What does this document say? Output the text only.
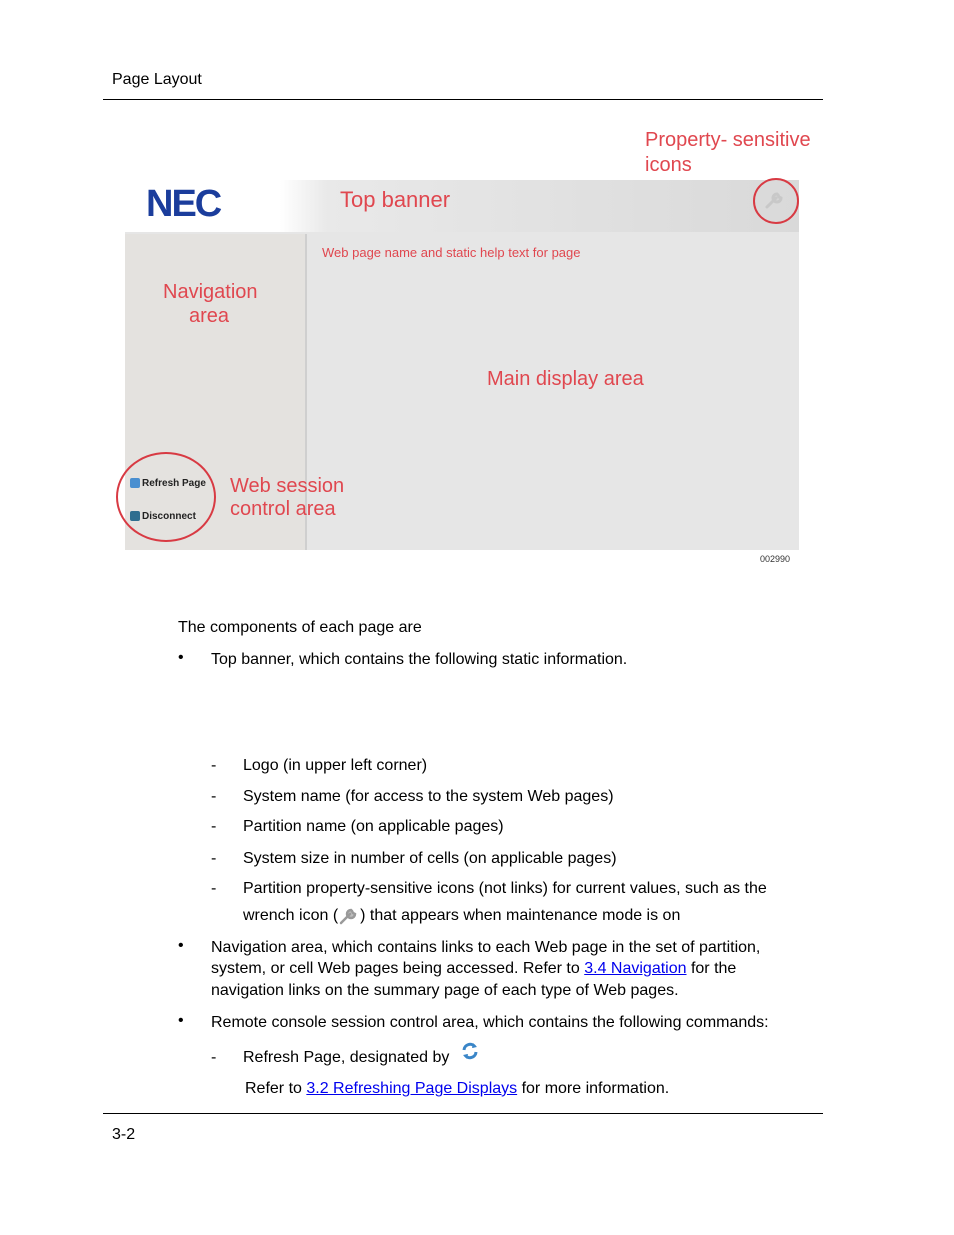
Page Layout
NEC	Top banner
Property- sensitive
icons
Navigation
area
Web page name and static help text for page
Main display area
Refresh Page
Disconnect
Web session
control area
002990
The components of each page are
• Top banner, which contains the following static information.
- Logo (in upper left corner)
- System name (for access to the system Web pages)
- Partition name (on applicable pages)
- System size in number of cells (on applicable pages)
- Partition property-sensitive icons (not links) for current values, such as the
wrench icon ( ) that appears when maintenance mode is on
• Navigation area, which contains links to each Web page in the set of partition,
system, or cell Web pages being accessed. Refer to 3.4 Navigation for the
navigation links on the summary page of each type of Web pages.
• Remote console session control area, which contains the following commands:
- Refresh Page, designated by
Refer to 3.2 Refreshing Page Displays for more information.
3-2
